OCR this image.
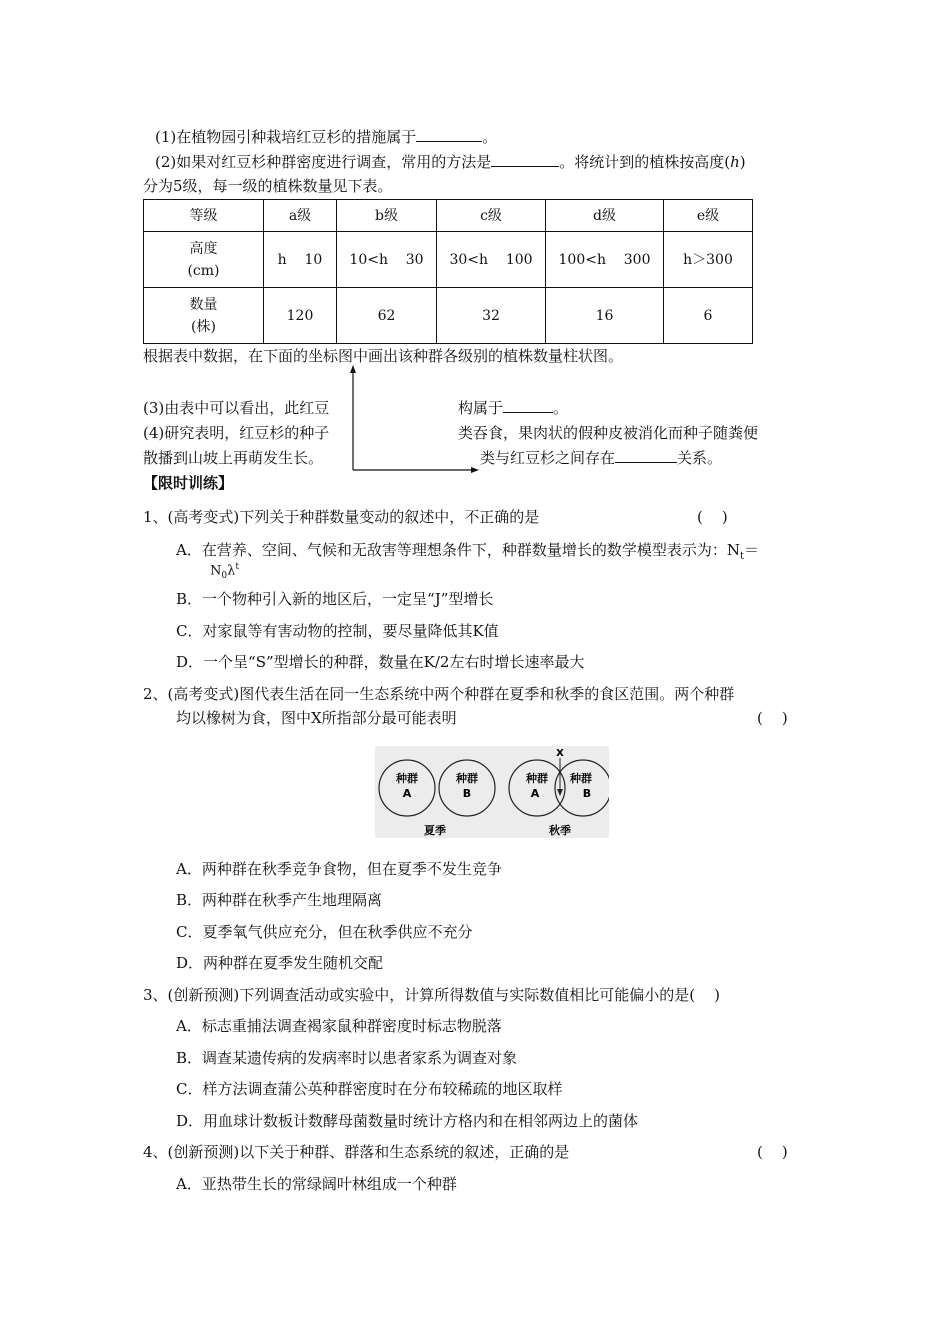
(1)在植物园引种栽培红豆杉的措施属于	。
(2)如果对红豆杉种群密度进行调查，常用的方法是	。将统计到的植株按高度(h)
分为5级，每一级的植株数量见下表。
等级	a级	b级	c级	d级	e级

高度
(cm)	h    10	10<h    30	30<h    100	100<h    300	h＞300

数量
(株)	120	62	32	16	6
根据表中数据，在下面的坐标图中画出该种群各级别的植株数量柱状图。
(3)由表中可以看出，此红豆	构属于	。
(4)研究表明，红豆杉的种子	类吞食，果肉状的假种皮被消化而种子随粪便
散播到山坡上再萌发生长。	类与红豆杉之间存在	关系。
【限时训练】
1、(高考变式)下列关于种群数量变动的叙述中，不正确的是	(    )
A．在营养、空间、气候和无敌害等理想条件下，种群数量增长的数学模型表示为：$N_t=$
$N_0\lambda^t$
B．一个物种引入新的地区后，一定呈“J”型增长
C．对家鼠等有害动物的控制，要尽量降低其K值
D．一个呈“S”型增长的种群，数量在K/2左右时增长速率最大
2、(高考变式)图代表生活在同一生态系统中两个种群在夏季和秋季的食区范围。两个种群
均以橡树为食，图中X所指部分最可能表明	(    )
种群
A
种群
B
种群
A
种群
B
X
夏季	秋季
A．两种群在秋季竞争食物，但在夏季不发生竞争
B．两种群在秋季产生地理隔离
C．夏季氧气供应充分，但在秋季供应不充分
D．两种群在夏季发生随机交配
3、(创新预测)下列调查活动或实验中，计算所得数值与实际数值相比可能偏小的是(    )
A．标志重捕法调查褐家鼠种群密度时标志物脱落
B．调查某遗传病的发病率时以患者家系为调查对象
C．样方法调查蒲公英种群密度时在分布较稀疏的地区取样
D．用血球计数板计数酵母菌数量时统计方格内和在相邻两边上的菌体
4、(创新预测)以下关于种群、群落和生态系统的叙述，正确的是	(    )
A．亚热带生长的常绿阔叶林组成一个种群
